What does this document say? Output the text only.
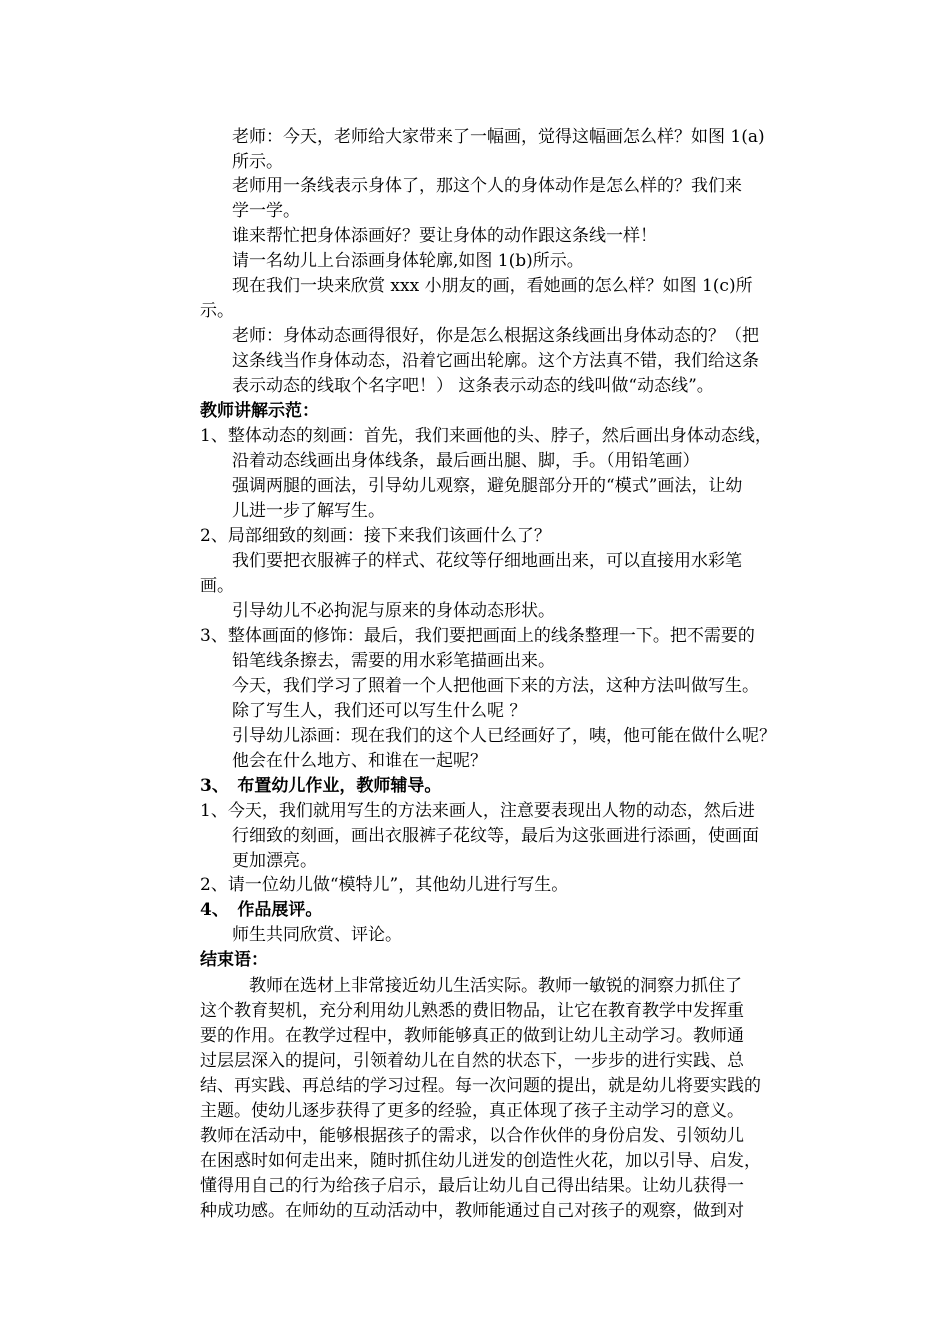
老师：今天，老师给大家带来了一幅画，觉得这幅画怎么样？如图 1(a)
所示。
老师用一条线表示身体了，那这个人的身体动作是怎么样的？我们来
学一学。
谁来帮忙把身体添画好？要让身体的动作跟这条线一样！
请一名幼儿上台添画身体轮廓,如图 1(b)所示。
现在我们一块来欣赏 xxx 小朋友的画，看她画的怎么样？如图 1(c)所
示。
老师：身体动态画得很好，你是怎么根据这条线画出身体动态的？（把
这条线当作身体动态，沿着它画出轮廓。这个方法真不错，我们给这条
表示动态的线取个名字吧！） 这条表示动态的线叫做“动态线”。
教师讲解示范：
1、整体动态的刻画：首先，我们来画他的头、脖子，然后画出身体动态线，
沿着动态线画出身体线条，最后画出腿、脚，手。（用铅笔画）
强调两腿的画法，引导幼儿观察，避免腿部分开的“模式”画法，让幼
儿进一步了解写生。
2、局部细致的刻画：接下来我们该画什么了？
我们要把衣服裤子的样式、花纹等仔细地画出来，可以直接用水彩笔
画。
引导幼儿不必拘泥与原来的身体动态形状。
3、整体画面的修饰：最后，我们要把画面上的线条整理一下。把不需要的
铅笔线条擦去，需要的用水彩笔描画出来。
今天，我们学习了照着一个人把他画下来的方法，这种方法叫做写生。
除了写生人，我们还可以写生什么呢 ？
引导幼儿添画：现在我们的这个人已经画好了，咦，他可能在做什么呢？
他会在什么地方、和谁在一起呢？
3、　布置幼儿作业，教师辅导。
1、今天，我们就用写生的方法来画人，注意要表现出人物的动态，然后进
行细致的刻画，画出衣服裤子花纹等，最后为这张画进行添画，使画面
更加漂亮。
2、请一位幼儿做“模特儿”，其他幼儿进行写生。
4、　作品展评。
师生共同欣赏、评论。
结束语：
教师在选材上非常接近幼儿生活实际。教师一敏锐的洞察力抓住了
这个教育契机，充分利用幼儿熟悉的费旧物品，让它在教育教学中发挥重
要的作用。在教学过程中，教师能够真正的做到让幼儿主动学习。教师通
过层层深入的提问，引领着幼儿在自然的状态下，一步步的进行实践、总
结、再实践、再总结的学习过程。每一次问题的提出，就是幼儿将要实践的
主题。使幼儿逐步获得了更多的经验，真正体现了孩子主动学习的意义。
教师在活动中，能够根据孩子的需求，以合作伙伴的身份启发、引领幼儿
在困惑时如何走出来，随时抓住幼儿迸发的创造性火花，加以引导、启发，
懂得用自己的行为给孩子启示，最后让幼儿自己得出结果。让幼儿获得一
种成功感。在师幼的互动活动中，教师能通过自己对孩子的观察，做到对
